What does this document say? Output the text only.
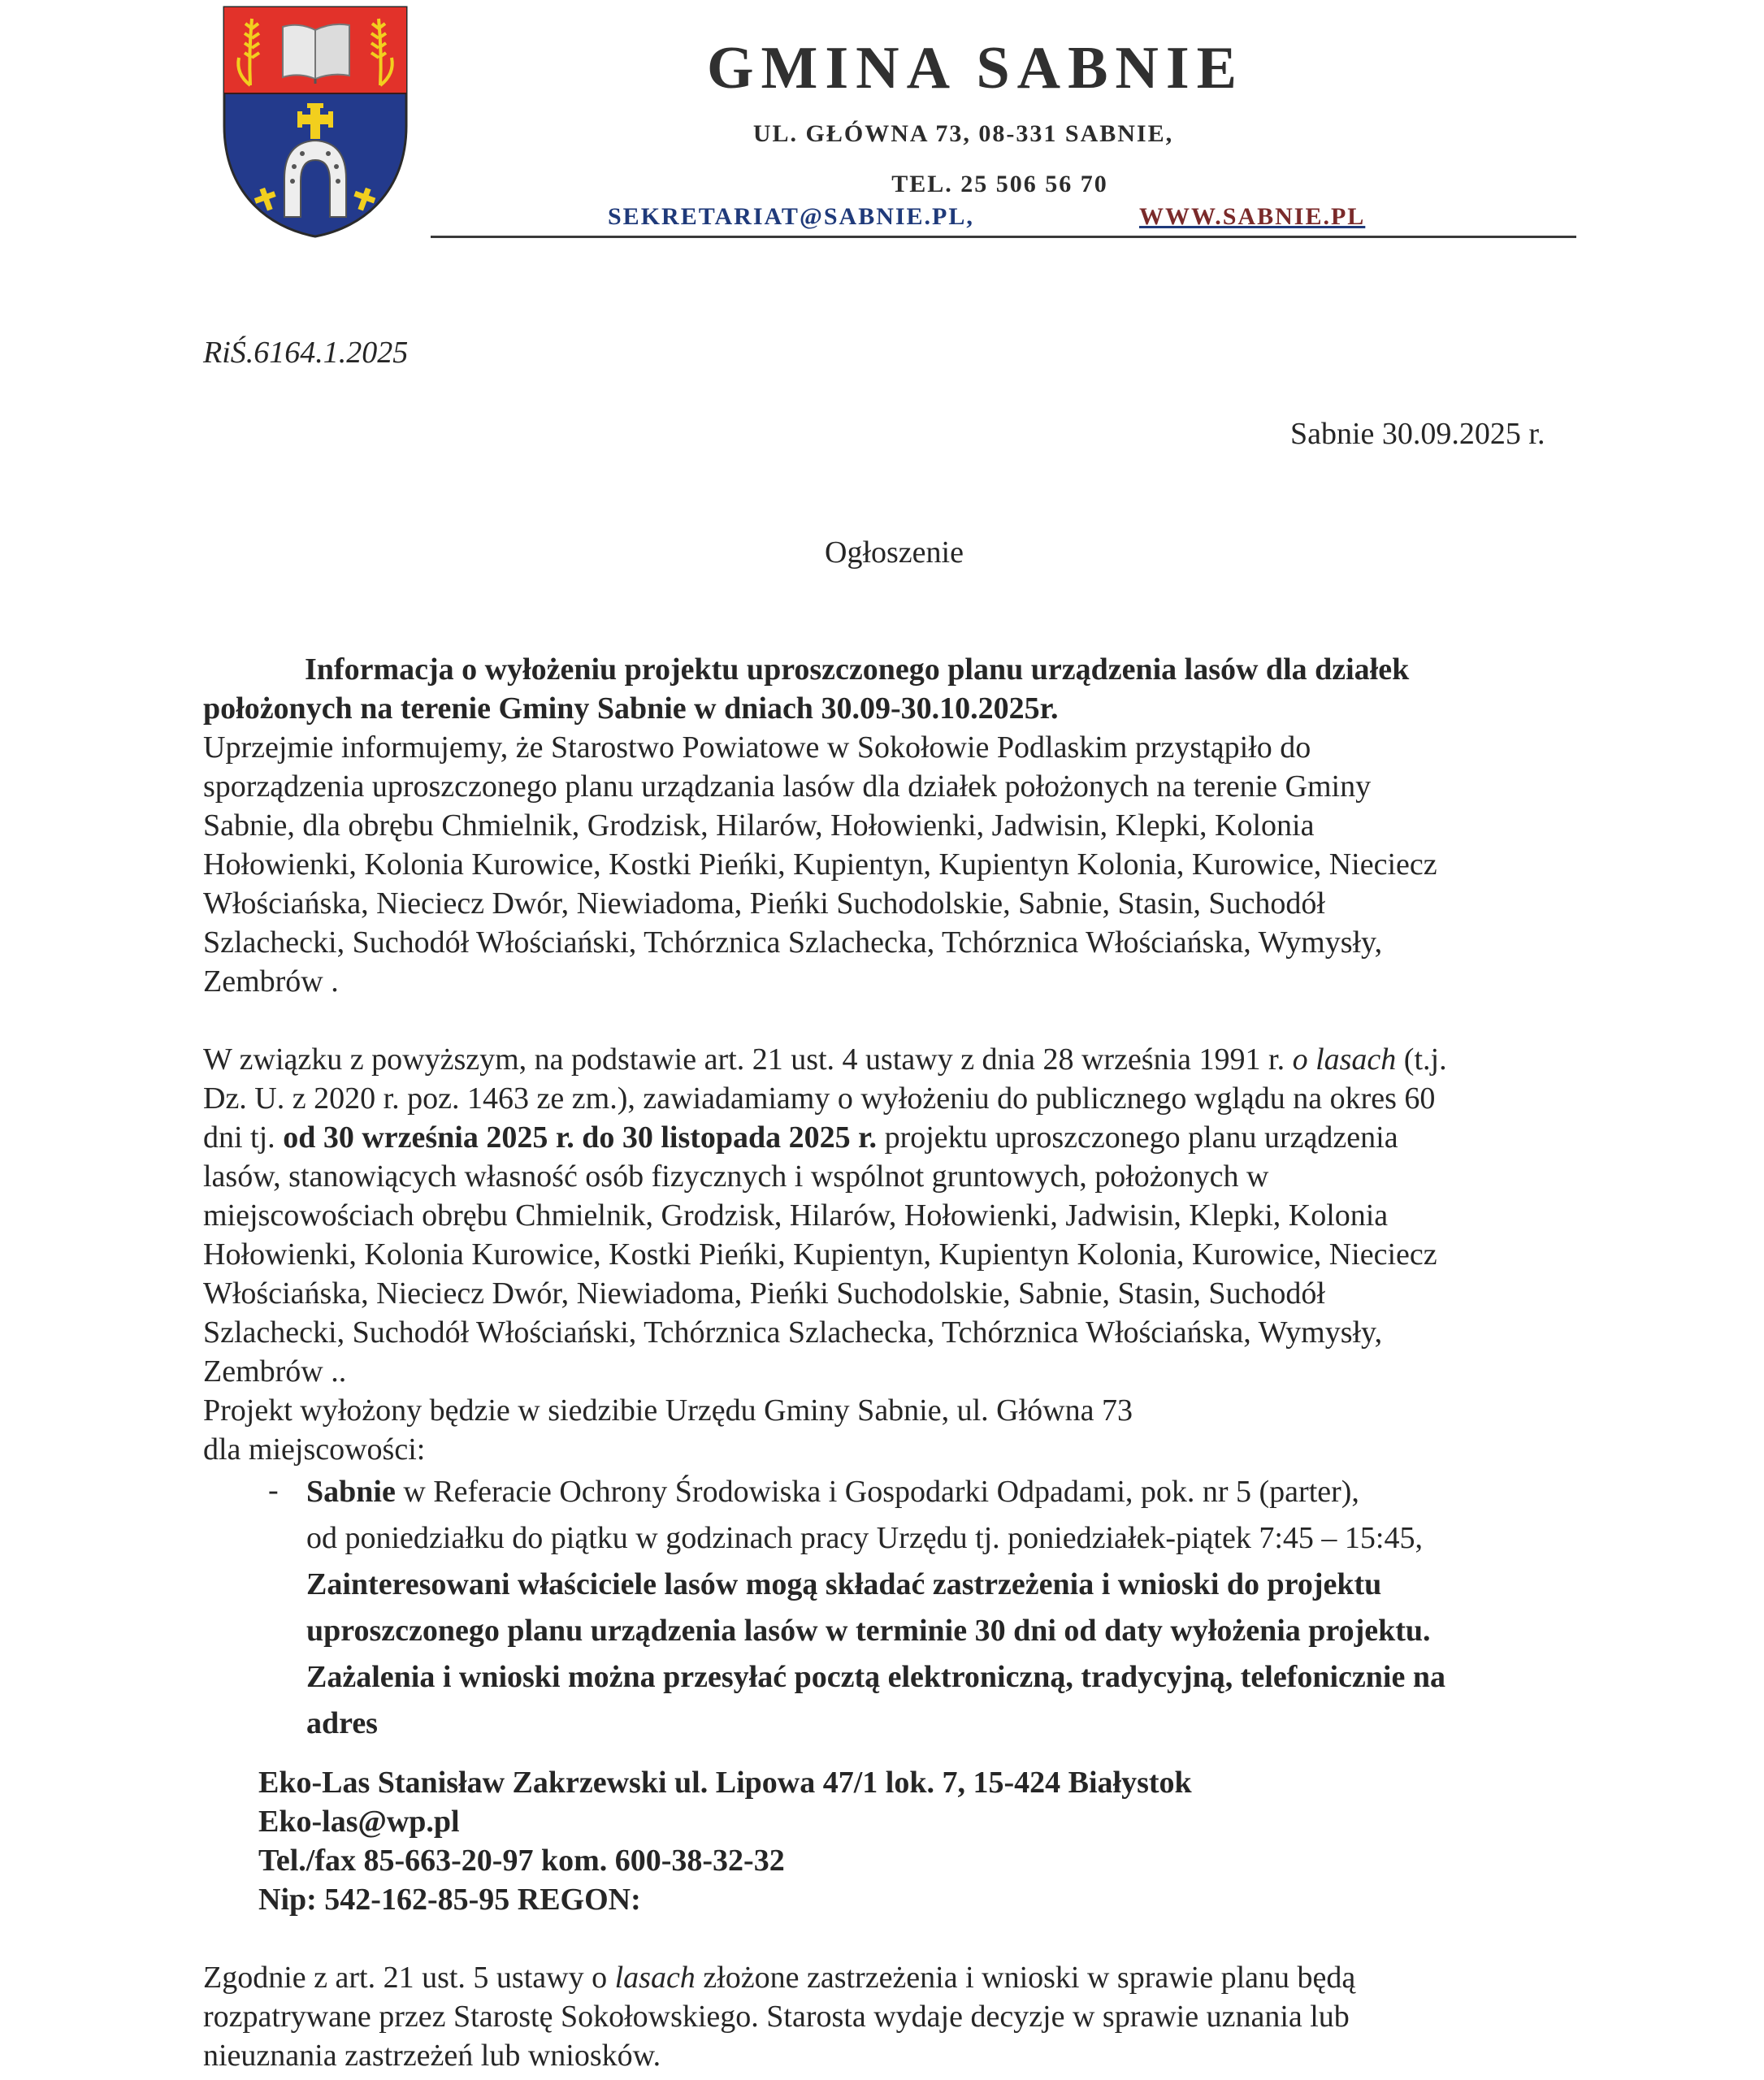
GMINA SABNIE
UL. GŁÓWNA 73, 08-331 SABNIE,
TEL. 25 506 56 70
SEKRETARIAT@SABNIE.PL,	WWW.SABNIE.PL
RiŚ.6164.1.2025
Sabnie 30.09.2025 r.
Ogłoszenie
Informacja o wyłożeniu projektu uproszczonego planu urządzenia lasów dla działek
położonych na terenie Gminy Sabnie w dniach 30.09-30.10.2025r.
Uprzejmie informujemy, że Starostwo Powiatowe w Sokołowie Podlaskim przystąpiło do
sporządzenia uproszczonego planu urządzania lasów dla działek położonych na terenie Gminy
Sabnie, dla obrębu Chmielnik, Grodzisk, Hilarów, Hołowienki, Jadwisin, Klepki, Kolonia
Hołowienki, Kolonia Kurowice, Kostki Pieńki, Kupientyn, Kupientyn Kolonia, Kurowice, Nieciecz
Włościańska, Nieciecz Dwór, Niewiadoma, Pieńki Suchodolskie, Sabnie, Stasin, Suchodół
Szlachecki, Suchodół Włościański, Tchórznica Szlachecka, Tchórznica Włościańska, Wymysły,
Zembrów .
W związku z powyższym, na podstawie art. 21 ust. 4 ustawy z dnia 28 września 1991 r. o lasach (t.j.
Dz. U. z 2020 r. poz. 1463 ze zm.), zawiadamiamy o wyłożeniu do publicznego wglądu na okres 60
dni tj. od 30 września 2025 r. do 30 listopada 2025 r. projektu uproszczonego planu urządzenia
lasów, stanowiących własność osób fizycznych i wspólnot gruntowych, położonych w
miejscowościach obrębu Chmielnik, Grodzisk, Hilarów, Hołowienki, Jadwisin, Klepki, Kolonia
Hołowienki, Kolonia Kurowice, Kostki Pieńki, Kupientyn, Kupientyn Kolonia, Kurowice, Nieciecz
Włościańska, Nieciecz Dwór, Niewiadoma, Pieńki Suchodolskie, Sabnie, Stasin, Suchodół
Szlachecki, Suchodół Włościański, Tchórznica Szlachecka, Tchórznica Włościańska, Wymysły,
Zembrów ..
Projekt wyłożony będzie w siedzibie Urzędu Gminy Sabnie, ul. Główna 73
dla miejscowości:
- Sabnie w Referacie Ochrony Środowiska i Gospodarki Odpadami, pok. nr 5 (parter),
od poniedziałku do piątku w godzinach pracy Urzędu tj. poniedziałek-piątek 7:45 – 15:45,
Zainteresowani właściciele lasów mogą składać zastrzeżenia i wnioski do projektu
uproszczonego planu urządzenia lasów w terminie 30 dni od daty wyłożenia projektu.
Zażalenia i wnioski można przesyłać pocztą elektroniczną, tradycyjną, telefonicznie na
adres
Eko-Las Stanisław Zakrzewski ul. Lipowa 47/1 lok. 7, 15-424 Białystok
Eko-las@wp.pl
Tel./fax 85-663-20-97 kom. 600-38-32-32
Nip: 542-162-85-95 REGON:
Zgodnie z art. 21 ust. 5 ustawy o lasach złożone zastrzeżenia i wnioski w sprawie planu będą
rozpatrywane przez Starostę Sokołowskiego. Starosta wydaje decyzje w sprawie uznania lub
nieuznania zastrzeżeń lub wniosków.
